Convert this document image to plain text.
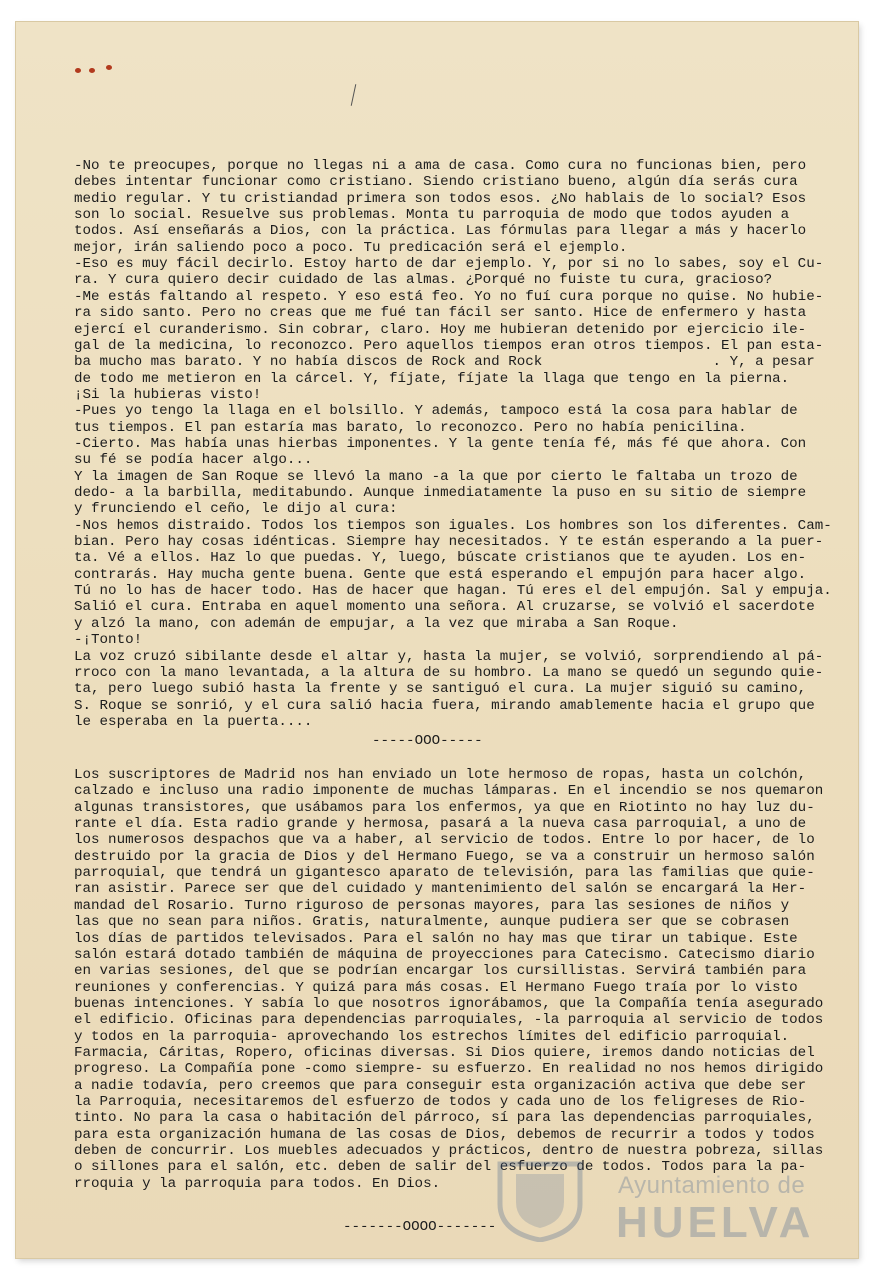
-No te preocupes, porque no llegas ni a ama de casa. Como cura no funcionas bien, pero
debes intentar funcionar como cristiano. Siendo cristiano bueno, algún día serás cura
medio regular. Y tu cristiandad primera son todos esos. ¿No hablais de lo social? Esos
son lo social. Resuelve sus problemas. Monta tu parroquia de modo que todos ayuden a
todos. Así enseñarás a Dios, con la práctica. Las fórmulas para llegar a más y hacerlo
mejor, irán saliendo poco a poco. Tu predicación será el ejemplo.
-Eso es muy fácil decirlo. Estoy harto de dar ejemplo. Y, por si no lo sabes, soy el Cu-
ra. Y cura quiero decir cuidado de las almas. ¿Porqué no fuiste tu cura, gracioso?
-Me estás faltando al respeto. Y eso está feo. Yo no fuí cura porque no quise. No hubie-
ra sido santo. Pero no creas que me fué tan fácil ser santo. Hice de enfermero y hasta
ejercí el curanderismo. Sin cobrar, claro. Hoy me hubieran detenido por ejercicio ile-
gal de la medicina, lo reconozco. Pero aquellos tiempos eran otros tiempos. El pan esta-
ba mucho mas barato. Y no había discos de Rock and Rock                    . Y, a pesar
de todo me metieron en la cárcel. Y, fíjate, fíjate la llaga que tengo en la pierna.
¡Si la hubieras visto!
-Pues yo tengo la llaga en el bolsillo. Y además, tampoco está la cosa para hablar de
tus tiempos. El pan estaría mas barato, lo reconozco. Pero no había penicilina.
-Cierto. Mas había unas hierbas imponentes. Y la gente tenía fé, más fé que ahora. Con
su fé se podía hacer algo...
Y la imagen de San Roque se llevó la mano -a la que por cierto le faltaba un trozo de
dedo- a la barbilla, meditabundo. Aunque inmediatamente la puso en su sitio de siempre
y frunciendo el ceño, le dijo al cura:
-Nos hemos distraido. Todos los tiempos son iguales. Los hombres son los diferentes. Cam-
bian. Pero hay cosas idénticas. Siempre hay necesitados. Y te están esperando a la puer-
ta. Vé a ellos. Haz lo que puedas. Y, luego, búscate cristianos que te ayuden. Los en-
contrarás. Hay mucha gente buena. Gente que está esperando el empujón para hacer algo.
Tú no lo has de hacer todo. Has de hacer que hagan. Tú eres el del empujón. Sal y empuja.
Salió el cura. Entraba en aquel momento una señora. Al cruzarse, se volvió el sacerdote
y alzó la mano, con ademán de empujar, a la vez que miraba a San Roque.
-¡Tonto!
La voz cruzó sibilante desde el altar y, hasta la mujer, se volvió, sorprendiendo al pá-
rroco con la mano levantada, a la altura de su hombro. La mano se quedó un segundo quie-
ta, pero luego subió hasta la frente y se santiguó el cura. La mujer siguió su camino,
S. Roque se sonrió, y el cura salió hacia fuera, mirando amablemente hacia el grupo que
le esperaba en la puerta....
-----OOO-----
Los suscriptores de Madrid nos han enviado un lote hermoso de ropas, hasta un colchón,
calzado e incluso una radio imponente de muchas lámparas. En el incendio se nos quemaron
algunas transistores, que usábamos para los enfermos, ya que en Riotinto no hay luz du-
rante el día. Esta radio grande y hermosa, pasará a la nueva casa parroquial, a uno de
los numerosos despachos que va a haber, al servicio de todos. Entre lo por hacer, de lo
destruido por la gracia de Dios y del Hermano Fuego, se va a construir un hermoso salón
parroquial, que tendrá un gigantesco aparato de televisión, para las familias que quie-
ran asistir. Parece ser que del cuidado y mantenimiento del salón se encargará la Her-
mandad del Rosario. Turno riguroso de personas mayores, para las sesiones de niños y
las que no sean para niños. Gratis, naturalmente, aunque pudiera ser que se cobrasen
los días de partidos televisados. Para el salón no hay mas que tirar un tabique. Este
salón estará dotado también de máquina de proyecciones para Catecismo. Catecismo diario
en varias sesiones, del que se podrían encargar los cursillistas. Servirá también para
reuniones y conferencias. Y quizá para más cosas. El Hermano Fuego traía por lo visto
buenas intenciones. Y sabía lo que nosotros ignorábamos, que la Compañía tenía asegurado
el edificio. Oficinas para dependencias parroquiales, -la parroquia al servicio de todos
y todos en la parroquia- aprovechando los estrechos límites del edificio parroquial.
Farmacia, Cáritas, Ropero, oficinas diversas. Si Dios quiere, iremos dando noticias del
progreso. La Compañía pone -como siempre- su esfuerzo. En realidad no nos hemos dirigido
a nadie todavía, pero creemos que para conseguir esta organización activa que debe ser
la Parroquia, necesitaremos del esfuerzo de todos y cada uno de los feligreses de Rio-
tinto. No para la casa o habitación del párroco, sí para las dependencias parroquiales,
para esta organización humana de las cosas de Dios, debemos de recurrir a todos y todos
deben de concurrir. Los muebles adecuados y prácticos, dentro de nuestra pobreza, sillas
o sillones para el salón, etc. deben de salir del esfuerzo de todos. Todos para la pa-
rroquia y la parroquia para todos. En Dios.
-------OOOO-------
Ayuntamiento de
HUELVA
